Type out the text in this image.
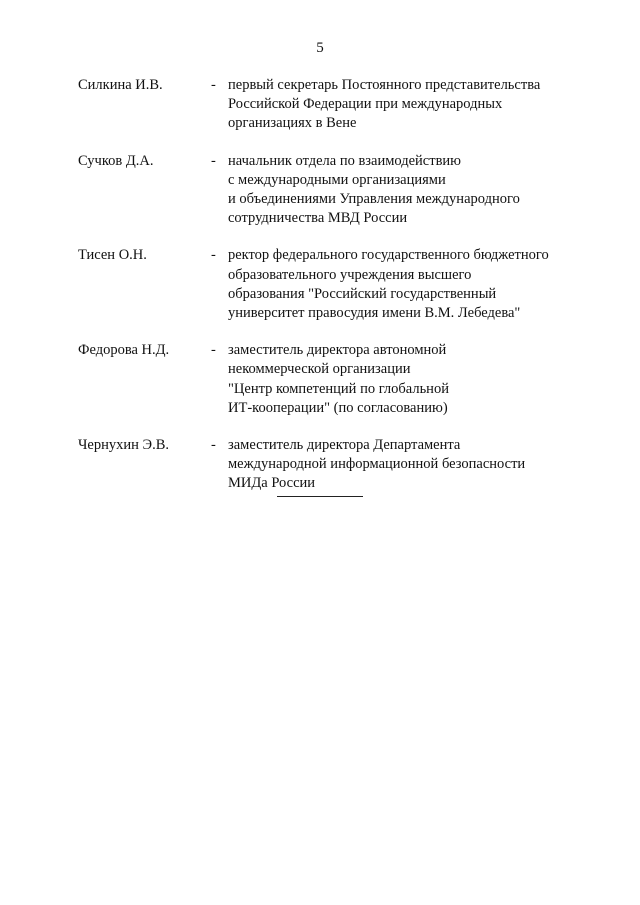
5
Силкина И.В.	- первый секретарь Постоянного представительства
Российской Федерации при международных
организациях в Вене
Сучков Д.А.	- начальник отдела по взаимодействию
с международными организациями
и объединениями Управления международного
сотрудничества МВД России
Тисен О.Н.	- ректор федерального государственного бюджетного
образовательного учреждения высшего
образования "Российский государственный
университет правосудия имени В.М. Лебедева"
Федорова Н.Д.	- заместитель директора автономной
некоммерческой организации
"Центр компетенций по глобальной
ИТ-кооперации" (по согласованию)
Чернухин Э.В.	- заместитель директора Департамента
международной информационной безопасности
МИДа России
